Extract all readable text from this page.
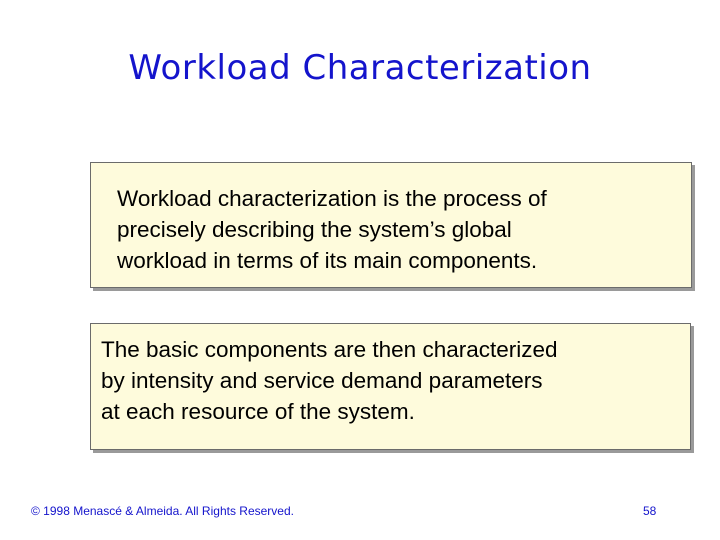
Workload Characterization

Workload characterization is the process of
precisely describing the system’s global
workload in terms of its main components.

The basic components are then characterized
by intensity and service demand parameters
at each resource of the system.

© 1998 Menascé & Almeida. All Rights Reserved.	58
